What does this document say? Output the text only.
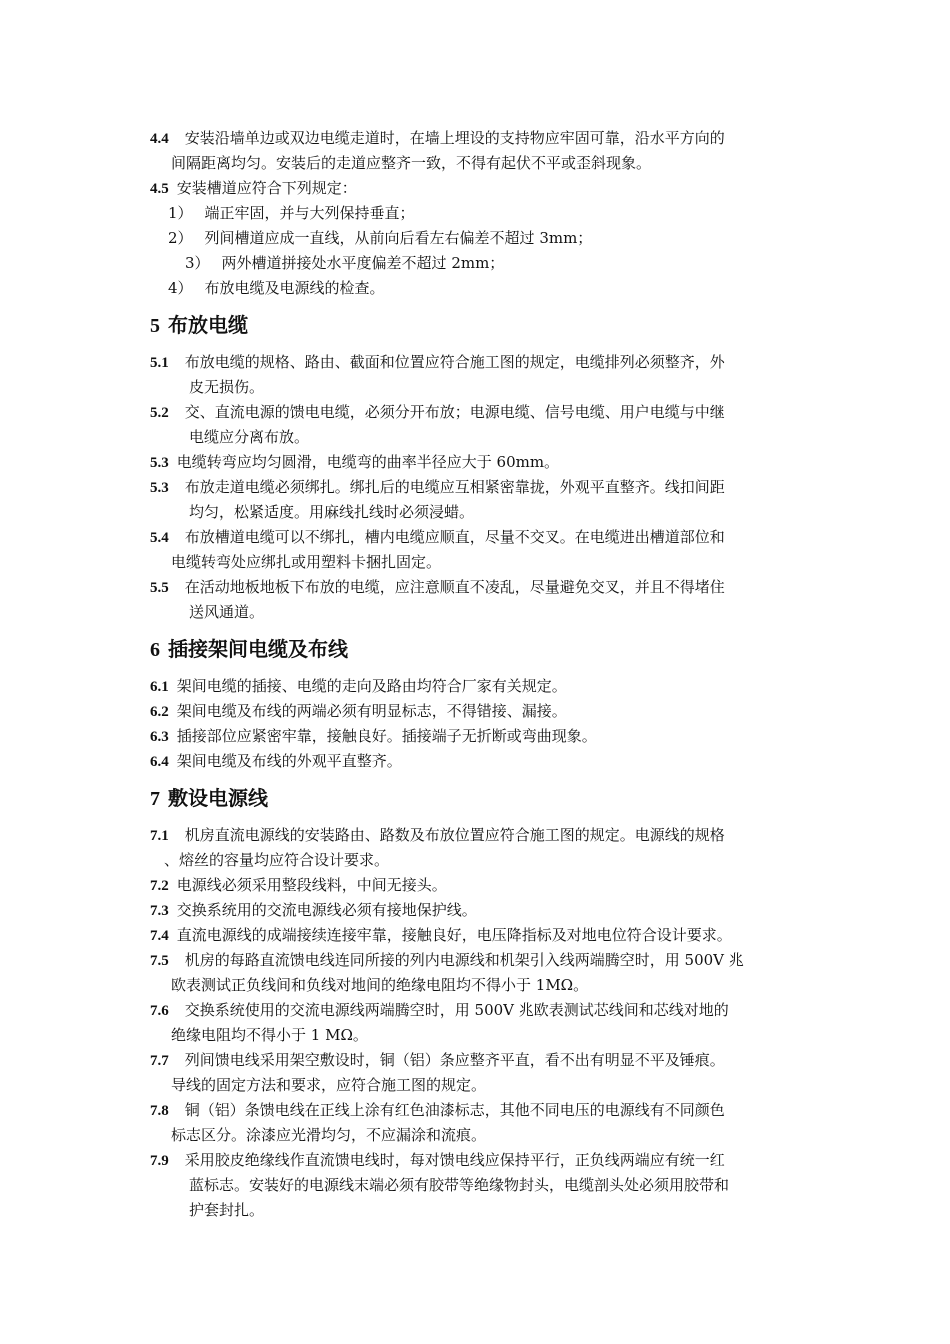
4.4 安装沿墙单边或双边电缆走道时，在墙上埋设的支持物应牢固可靠，沿水平方向的
间隔距离均匀。安装后的走道应整齐一致，不得有起伏不平或歪斜现象。
4.5 安装槽道应符合下列规定：
1） 端正牢固，并与大列保持垂直；
2） 列间槽道应成一直线，从前向后看左右偏差不超过 3mm；
3） 两外槽道拼接处水平度偏差不超过 2mm；
4） 布放电缆及电源线的检查。
5 布放电缆
5.1 布放电缆的规格、路由、截面和位置应符合施工图的规定，电缆排列必须整齐，外
皮无损伤。
5.2 交、直流电源的馈电电缆，必须分开布放；电源电缆、信号电缆、用户电缆与中继
电缆应分离布放。
5.3 电缆转弯应均匀圆滑，电缆弯的曲率半径应大于 60mm。
5.3 布放走道电缆必须绑扎。绑扎后的电缆应互相紧密靠拢，外观平直整齐。线扣间距
均匀，松紧适度。用麻线扎线时必须浸蜡。
5.4 布放槽道电缆可以不绑扎，槽内电缆应顺直，尽量不交叉。在电缆进出槽道部位和
电缆转弯处应绑扎或用塑料卡捆扎固定。
5.5 在活动地板地板下布放的电缆，应注意顺直不凌乱，尽量避免交叉，并且不得堵住
送风通道。
6 插接架间电缆及布线
6.1 架间电缆的插接、电缆的走向及路由均符合厂家有关规定。
6.2 架间电缆及布线的两端必须有明显标志，不得错接、漏接。
6.3 插接部位应紧密牢靠，接触良好。插接端子无折断或弯曲现象。
6.4 架间电缆及布线的外观平直整齐。
7 敷设电源线
7.1 机房直流电源线的安装路由、路数及布放位置应符合施工图的规定。电源线的规格
、熔丝的容量均应符合设计要求。
7.2 电源线必须采用整段线料，中间无接头。
7.3 交换系统用的交流电源线必须有接地保护线。
7.4 直流电源线的成端接续连接牢靠，接触良好，电压降指标及对地电位符合设计要求。
7.5 机房的每路直流馈电线连同所接的列内电源线和机架引入线两端腾空时，用 500V 兆
欧表测试正负线间和负线对地间的绝缘电阻均不得小于 1MΩ。
7.6 交换系统使用的交流电源线两端腾空时，用 500V 兆欧表测试芯线间和芯线对地的
绝缘电阻均不得小于 1 MΩ。
7.7 列间馈电线采用架空敷设时，铜（铝）条应整齐平直，看不出有明显不平及锤痕。
导线的固定方法和要求，应符合施工图的规定。
7.8 铜（铝）条馈电线在正线上涂有红色油漆标志，其他不同电压的电源线有不同颜色
标志区分。涂漆应光滑均匀，不应漏涂和流痕。
7.9 采用胶皮绝缘线作直流馈电线时，每对馈电线应保持平行，正负线两端应有统一红
蓝标志。安装好的电源线末端必须有胶带等绝缘物封头，电缆剖头处必须用胶带和
护套封扎。
